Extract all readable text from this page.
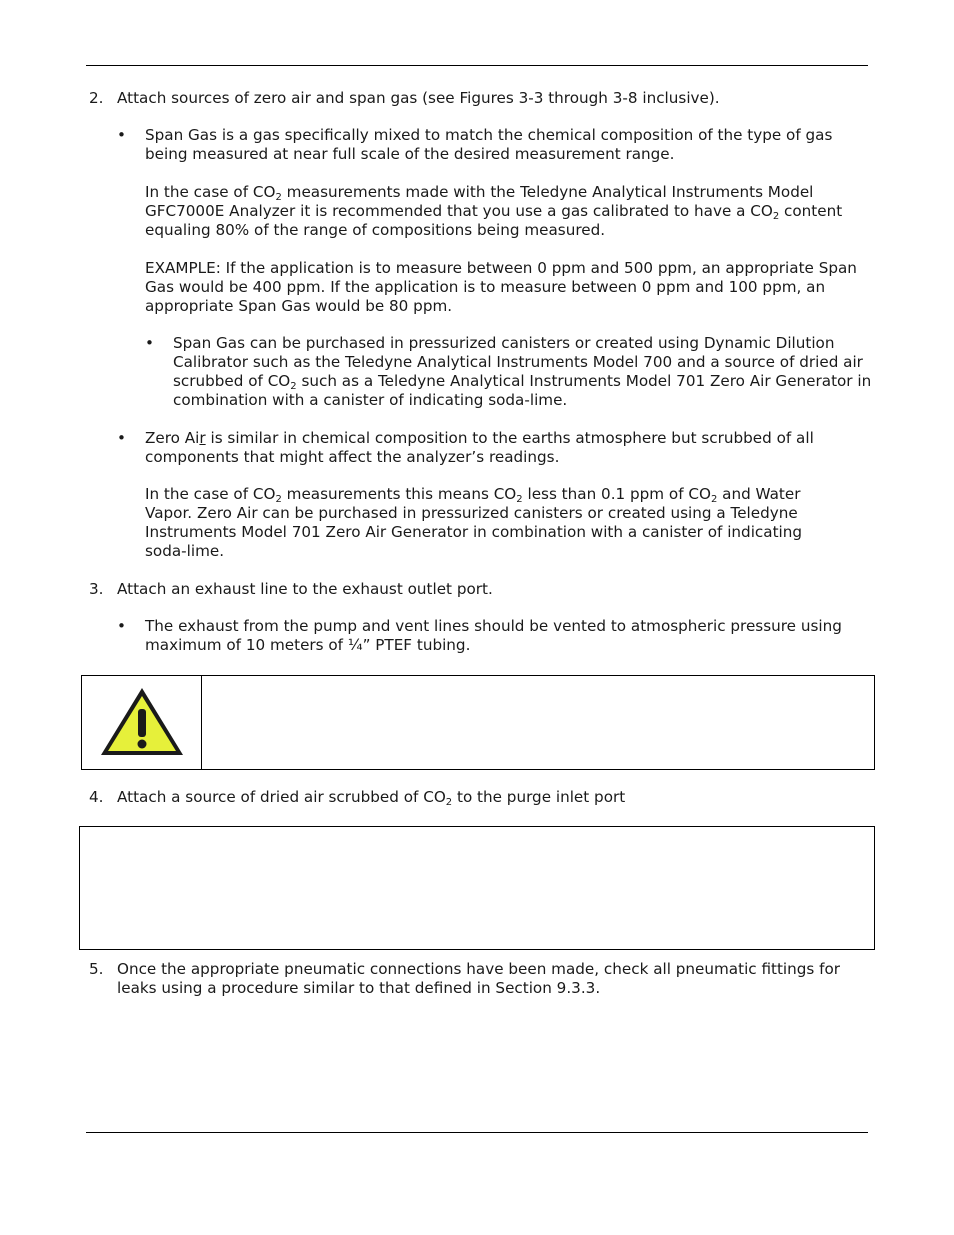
2. Attach sources of zero air and span gas (see Figures 3-3 through 3-8 inclusive).

• Span Gas is a gas specifically mixed to match the chemical composition of the type of gas being measured at near full scale of the desired measurement range.

In the case of $CO_2$ measurements made with the Teledyne Analytical Instruments Model GFC7000E Analyzer it is recommended that you use a gas calibrated to have a $CO_2$ content equaling 80% of the range of compositions being measured.

EXAMPLE: If the application is to measure between 0 ppm and 500 ppm, an appropriate Span Gas would be 400 ppm. If the application is to measure between 0 ppm and 100 ppm, an appropriate Span Gas would be 80 ppm.

• Span Gas can be purchased in pressurized canisters or created using Dynamic Dilution Calibrator such as the Teledyne Analytical Instruments Model 700 and a source of dried air scrubbed of $CO_2$ such as a Teledyne Analytical Instruments Model 701 Zero Air Generator in combination with a canister of indicating soda-lime.

• Zero Air is similar in chemical composition to the earths atmosphere but scrubbed of all components that might affect the analyzer’s readings.

In the case of $CO_2$ measurements this means $CO_2$ less than 0.1 ppm of $CO_2$ and Water Vapor. Zero Air can be purchased in pressurized canisters or created using a Teledyne Instruments Model 701 Zero Air Generator in combination with a canister of indicating soda-lime.

3. Attach an exhaust line to the exhaust outlet port.

• The exhaust from the pump and vent lines should be vented to atmospheric pressure using maximum of 10 meters of ¼” PTEF tubing.

4. Attach a source of dried air scrubbed of $CO_2$ to the purge inlet port

5. Once the appropriate pneumatic connections have been made, check all pneumatic fittings for leaks using a procedure similar to that defined in Section 9.3.3.
